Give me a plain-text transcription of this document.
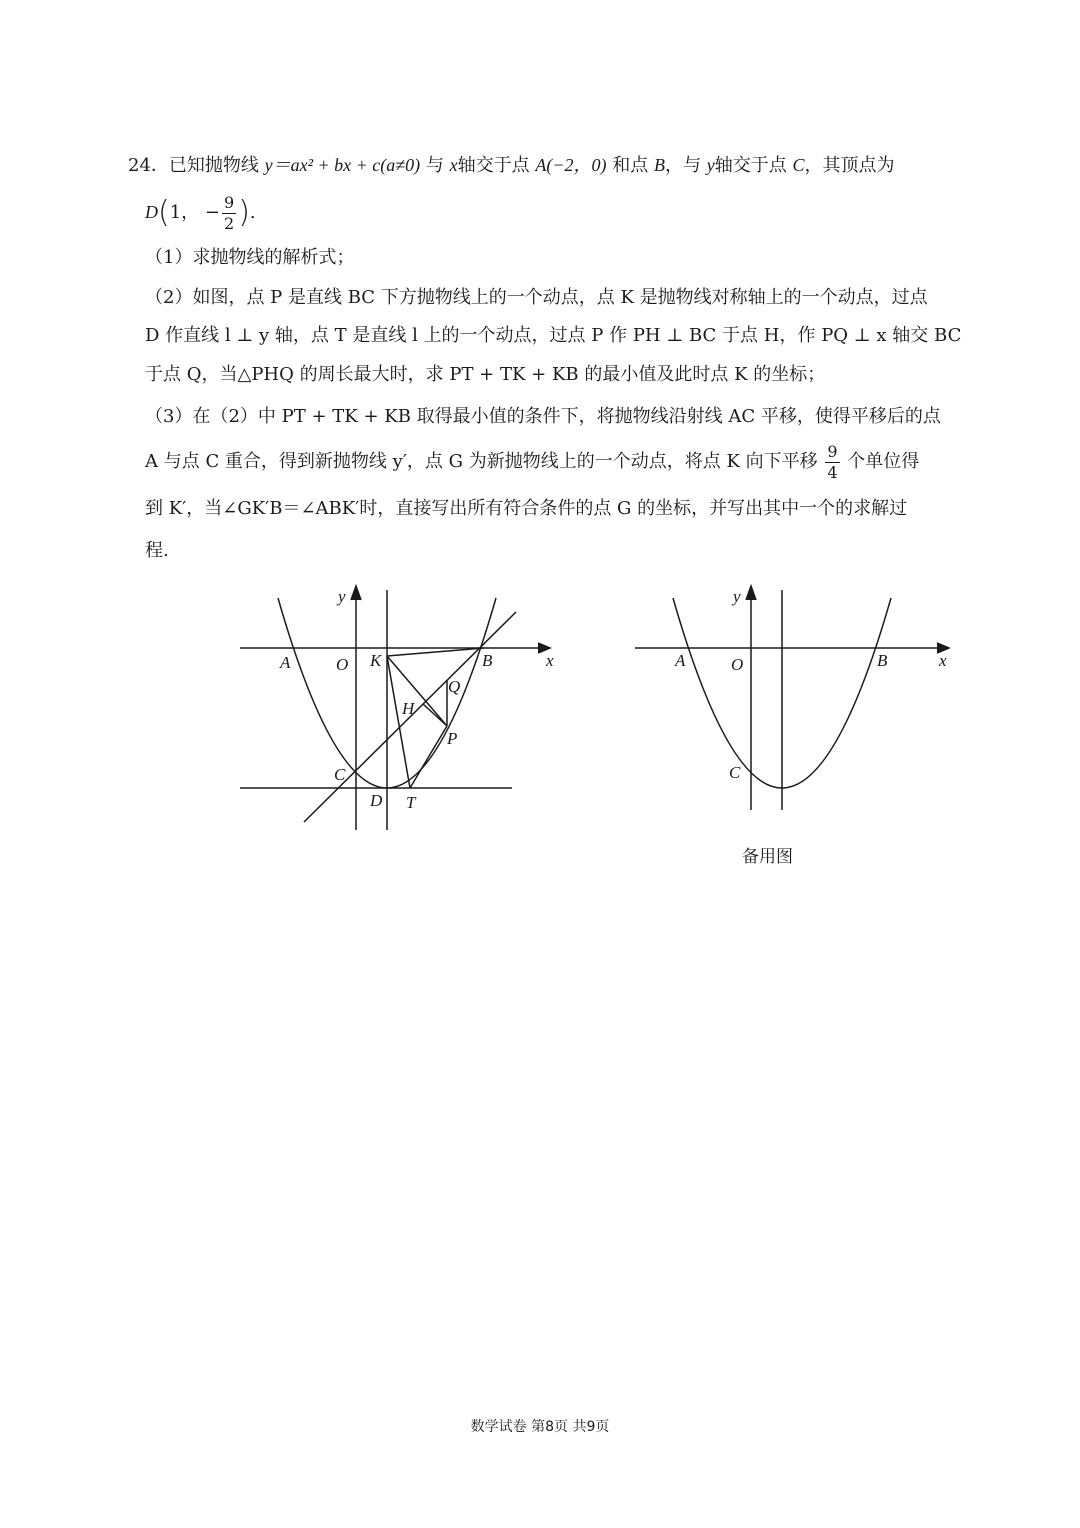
24．已知抛物线 y＝ax² + bx + c(a≠0) 与 x轴交于点 A(−2，0) 和点 B，与 y轴交于点 C，其顶点为
D(1， − $\frac{9}{2}$ ).
（1）求抛物线的解析式；
（2）如图，点 P 是直线 BC 下方抛物线上的一个动点，点 K 是抛物线对称轴上的一个动点，过点
D 作直线 l ⊥ y 轴，点 T 是直线 l 上的一个动点，过点 P 作 PH ⊥ BC 于点 H，作 PQ ⊥ x 轴交 BC
于点 Q，当△PHQ 的周长最大时，求 PT + TK + KB 的最小值及此时点 K 的坐标；
（3）在（2）中 PT + TK + KB 取得最小值的条件下，将抛物线沿射线 AC 平移，使得平移后的点
A 与点 C 重合，得到新抛物线 y′，点 G 为新抛物线上的一个动点，将点 K 向下平移 $\frac{9}{4}$ 个单位得
到 K′，当∠GK′B＝∠ABK′时，直接写出所有符合条件的点 G 的坐标，并写出其中一个的求解过
程.
y
x
A	O K	B
Q
H
P
C
D T
y
x
A	O	B
C
备用图
数学试卷 第8页 共9页
